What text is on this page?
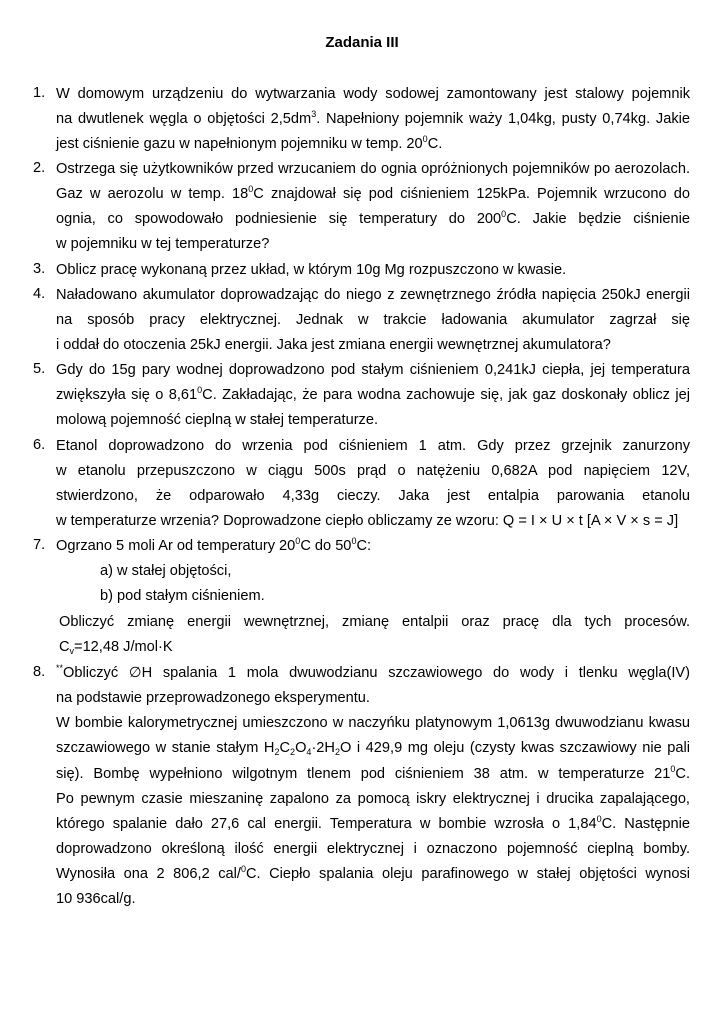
Zadania III
1. W domowym urządzeniu do wytwarzania wody sodowej zamontowany jest stalowy pojemnik
na dwutlenek węgla o objętości $2,5dm^3$. Napełniony pojemnik waży 1,04kg, pusty 0,74kg. Jakie
jest ciśnienie gazu w napełnionym pojemniku w temp. $20^0C$.
2. Ostrzega się użytkowników przed wrzucaniem do ognia opróżnionych pojemników po aerozolach.
Gaz w aerozolu w temp. $18^0C$ znajdował się pod ciśnieniem 125kPa. Pojemnik wrzucono do
ognia, co spowodowało podniesienie się temperatury do $200^0C$. Jakie będzie ciśnienie
w pojemniku w tej temperaturze?
3. Oblicz pracę wykonaną przez układ, w którym 10g Mg rozpuszczono w kwasie.
4. Naładowano akumulator doprowadzając do niego z zewnętrznego źródła napięcia 250kJ energii
na sposób pracy elektrycznej. Jednak w trakcie ładowania akumulator zagrzał się
i oddał do otoczenia 25kJ energii. Jaka jest zmiana energii wewnętrznej akumulatora?
5. Gdy do 15g pary wodnej doprowadzono pod stałym ciśnieniem 0,241kJ ciepła, jej temperatura
zwiększyła się o 8,61$^0$C. Zakładając, że para wodna zachowuje się, jak gaz doskonały oblicz jej
molową pojemność cieplną w stałej temperaturze.
6. Etanol doprowadzono do wrzenia pod ciśnieniem 1 atm. Gdy przez grzejnik zanurzony
w etanolu przepuszczono w ciągu 500s prąd o natężeniu 0,682A pod napięciem 12V,
stwierdzono, że odparowało 4,33g cieczy. Jaka jest entalpia parowania etanolu
w temperaturze wrzenia? Doprowadzone ciepło obliczamy ze wzoru: Q = I × U × t [A × V × s = J]
7. Ogrzano 5 moli Ar od temperatury $20^0C$ do $50^0C$:
a) w stałej objętości,
b) pod stałym ciśnieniem.
Obliczyć zmianę energii wewnętrznej, zmianę entalpii oraz pracę dla tych procesów.
$C_v=12,48$ J/mol·K
8. **Obliczyć ∅H spalania 1 mola dwuwodzianu szczawiowego do wody i tlenku węgla(IV)
na podstawie przeprowadzonego eksperymentu.
W bombie kalorymetrycznej umieszczono w naczyńku platynowym 1,0613g dwuwodzianu kwasu
szczawiowego w stanie stałym $H_2C_2O_4\cdot 2H_2O$ i 429,9 mg oleju (czysty kwas szczawiowy nie pali
się). Bombę wypełniono wilgotnym tlenem pod ciśnieniem 38 atm. w temperaturze $21^0C$.
Po pewnym czasie mieszaninę zapalono za pomocą iskry elektrycznej i drucika zapalającego,
którego spalanie dało 27,6 cal energii. Temperatura w bombie wzrosła o 1,84$^0$C. Następnie
doprowadzono określoną ilość energii elektrycznej i oznaczono pojemność cieplną bomby.
Wynosiła ona 2 806,2 cal/$^0$C. Ciepło spalania oleju parafinowego w stałej objętości wynosi
10 936cal/g.
